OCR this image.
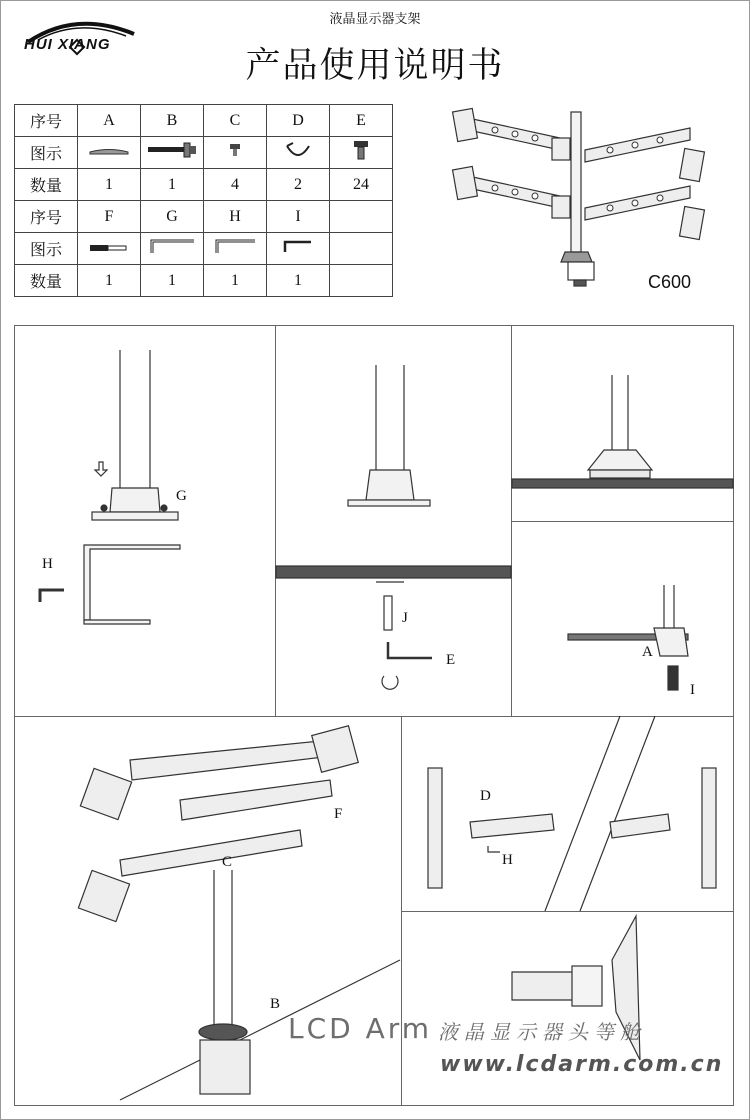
HUI XIANG
液晶显示器支架
产品使用说明书
序号	A	B	C	D	E
图示					
数量	1	1	4	2	24
序号	F	G	H	I	
图示					
数量	1	1	1	1		C600
G
H
J
E	A
I
F
C
B
D
H
LCD Arm 液晶显示器头等舱
www.lcdarm.com.cn
